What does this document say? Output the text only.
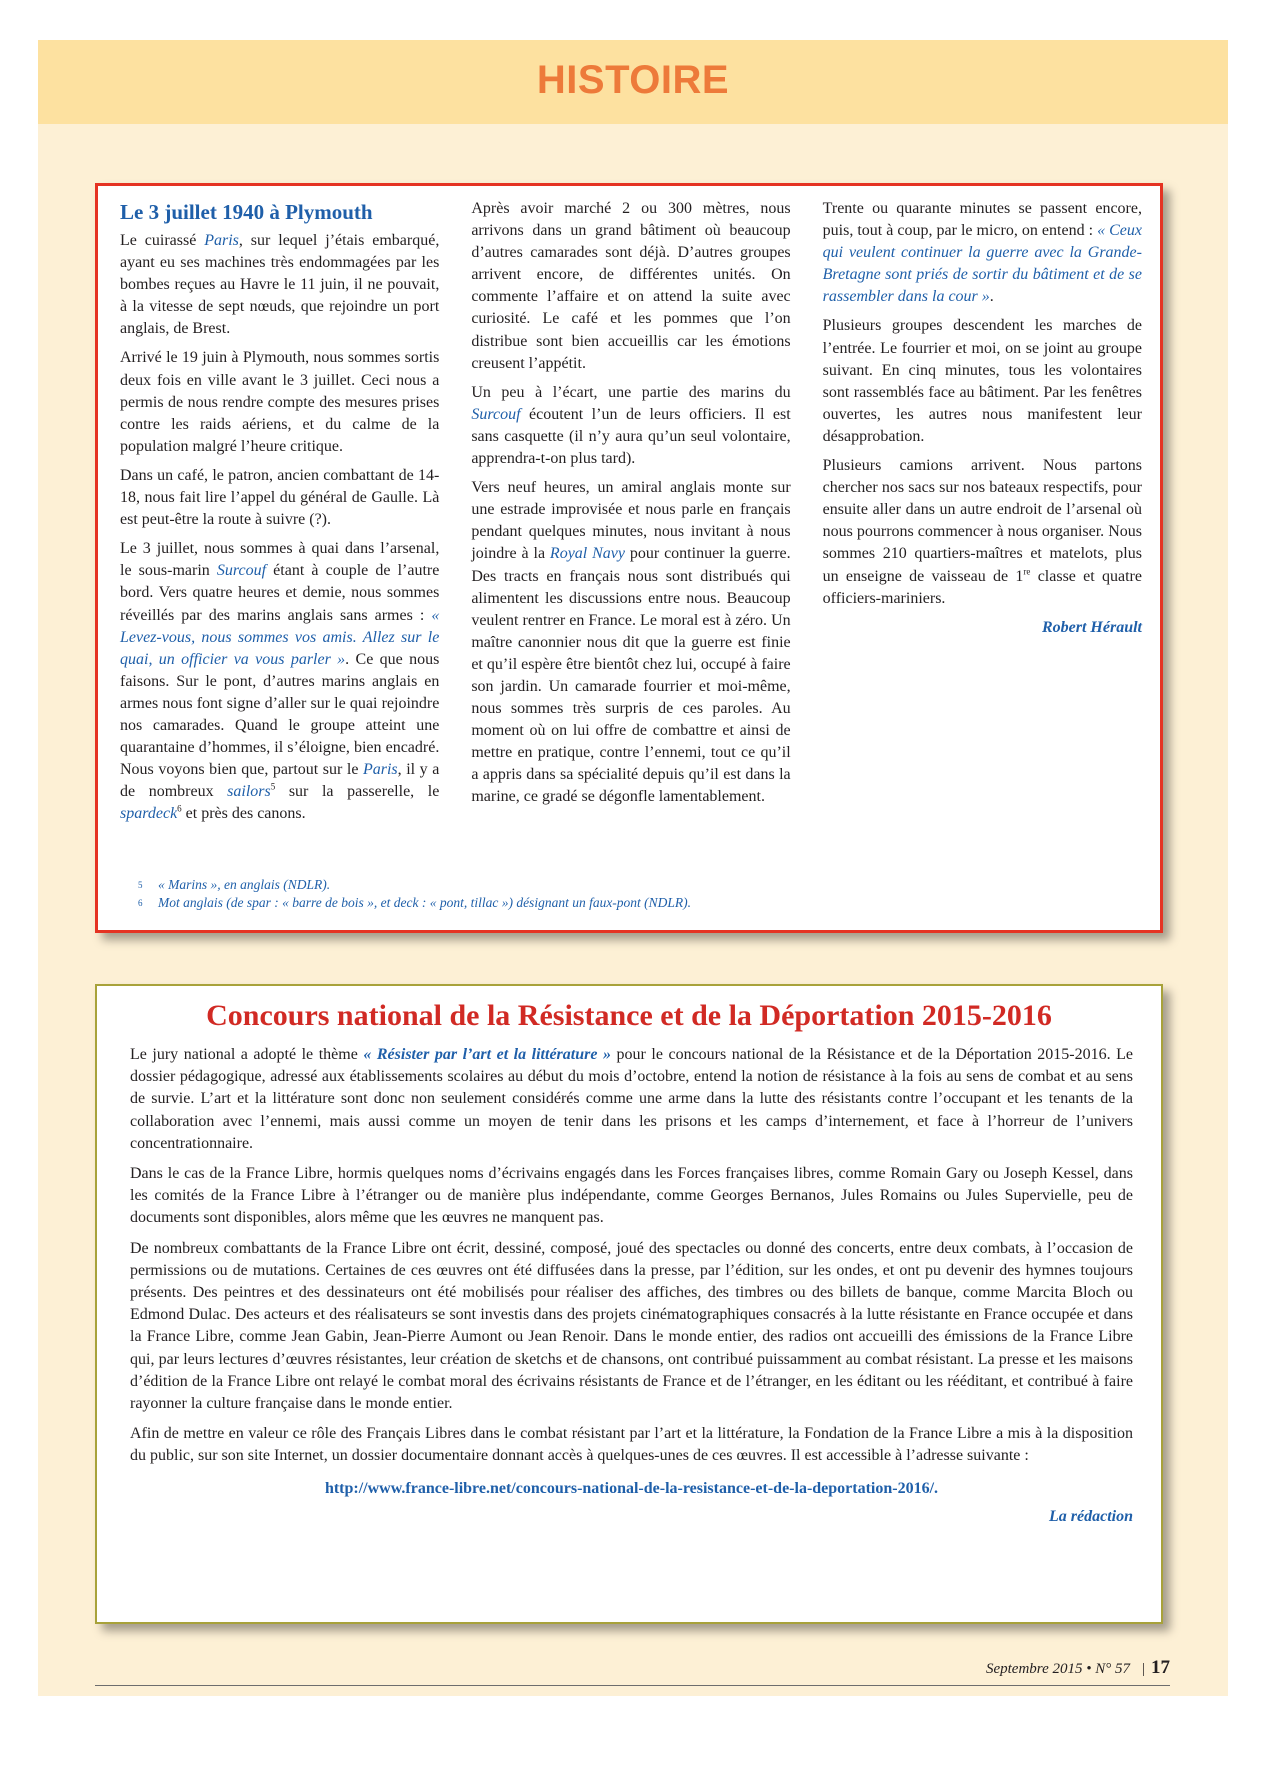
HISTOIRE
Le 3 juillet 1940 à Plymouth

Le cuirassé Paris, sur lequel j’étais embarqué, ayant eu ses machines très endommagées par les bombes reçues au Havre le 11 juin, il ne pouvait, à la vitesse de sept nœuds, que rejoindre un port anglais, de Brest.

Arrivé le 19 juin à Plymouth, nous sommes sortis deux fois en ville avant le 3 juillet. Ceci nous a permis de nous rendre compte des mesures prises contre les raids aériens, et du calme de la population malgré l’heure critique.

Dans un café, le patron, ancien combattant de 14-18, nous fait lire l’appel du général de Gaulle. Là est peut-être la route à suivre (?).

Le 3 juillet, nous sommes à quai dans l’arsenal, le sous-marin Surcouf étant à couple de l’autre bord. Vers quatre heures et demie, nous sommes réveillés par des marins anglais sans armes : « Levez-vous, nous sommes vos amis. Allez sur le quai, un officier va vous parler ». Ce que nous faisons. Sur le pont, d’autres marins anglais en armes nous font signe d’aller sur le quai rejoindre nos camarades. Quand le groupe atteint une quarantaine d’hommes, il s’éloigne, bien encadré. Nous voyons bien que, partout sur le Paris, il y a de nombreux sailors$^5$ sur la passerelle, le spardeck$^6$ et près des canons.

Après avoir marché 2 ou 300 mètres, nous arrivons dans un grand bâtiment où beaucoup d’autres camarades sont déjà. D’autres groupes arrivent encore, de différentes unités. On commente l’affaire et on attend la suite avec curiosité. Le café et les pommes que l’on distribue sont bien accueillis car les émotions creusent l’appétit.

Un peu à l’écart, une partie des marins du Surcouf écoutent l’un de leurs officiers. Il est sans casquette (il n’y aura qu’un seul volontaire, apprendra-t-on plus tard).

Vers neuf heures, un amiral anglais monte sur une estrade improvisée et nous parle en français pendant quelques minutes, nous invitant à nous joindre à la Royal Navy pour continuer la guerre. Des tracts en français nous sont distribués qui alimentent les discussions entre nous. Beaucoup veulent rentrer en France. Le moral est à zéro. Un maître canonnier nous dit que la guerre est finie et qu’il espère être bientôt chez lui, occupé à faire son jardin. Un camarade fourrier et moi-même, nous sommes très surpris de ces paroles. Au moment où on lui offre de combattre et ainsi de mettre en pratique, contre l’ennemi, tout ce qu’il a appris dans sa spécialité depuis qu’il est dans la marine, ce gradé se dégonfle lamentablement.

Trente ou quarante minutes se passent encore, puis, tout à coup, par le micro, on entend : « Ceux qui veulent continuer la guerre avec la Grande-Bretagne sont priés de sortir du bâtiment et de se rassembler dans la cour ».

Plusieurs groupes descendent les marches de l’entrée. Le fourrier et moi, on se joint au groupe suivant. En cinq minutes, tous les volontaires sont rassemblés face au bâtiment. Par les fenêtres ouvertes, les autres nous manifestent leur désapprobation.

Plusieurs camions arrivent. Nous partons chercher nos sacs sur nos bateaux respectifs, pour ensuite aller dans un autre endroit de l’arsenal où nous pourrons commencer à nous organiser. Nous sommes 210 quartiers-maîtres et matelots, plus un enseigne de vaisseau de 1re classe et quatre officiers-mariniers.

Robert Hérault
5 « Marins », en anglais (NDLR).
6 Mot anglais (de spar : « barre de bois », et deck : « pont, tillac ») désignant un faux-pont (NDLR).
Concours national de la Résistance et de la Déportation 2015-2016

Le jury national a adopté le thème « Résister par l’art et la littérature » pour le concours national de la Résistance et de la Déportation 2015-2016. Le dossier pédagogique, adressé aux établissements scolaires au début du mois d’octobre, entend la notion de résistance à la fois au sens de combat et au sens de survie. L’art et la littérature sont donc non seulement considérés comme une arme dans la lutte des résistants contre l’occupant et les tenants de la collaboration avec l’ennemi, mais aussi comme un moyen de tenir dans les prisons et les camps d’internement, et face à l’horreur de l’univers concentrationnaire.

Dans le cas de la France Libre, hormis quelques noms d’écrivains engagés dans les Forces françaises libres, comme Romain Gary ou Joseph Kessel, dans les comités de la France Libre à l’étranger ou de manière plus indépendante, comme Georges Bernanos, Jules Romains ou Jules Supervielle, peu de documents sont disponibles, alors même que les œuvres ne manquent pas.

De nombreux combattants de la France Libre ont écrit, dessiné, composé, joué des spectacles ou donné des concerts, entre deux combats, à l’occasion de permissions ou de mutations. Certaines de ces œuvres ont été diffusées dans la presse, par l’édition, sur les ondes, et ont pu devenir des hymnes toujours présents. Des peintres et des dessinateurs ont été mobilisés pour réaliser des affiches, des timbres ou des billets de banque, comme Marcita Bloch ou Edmond Dulac. Des acteurs et des réalisateurs se sont investis dans des projets cinématographiques consacrés à la lutte résistante en France occupée et dans la France Libre, comme Jean Gabin, Jean-Pierre Aumont ou Jean Renoir. Dans le monde entier, des radios ont accueilli des émissions de la France Libre qui, par leurs lectures d’œuvres résistantes, leur création de sketchs et de chansons, ont contribué puissamment au combat résistant. La presse et les maisons d’édition de la France Libre ont relayé le combat moral des écrivains résistants de France et de l’étranger, en les éditant ou les rééditant, et contribué à faire rayonner la culture française dans le monde entier.

Afin de mettre en valeur ce rôle des Français Libres dans le combat résistant par l’art et la littérature, la Fondation de la France Libre a mis à la disposition du public, sur son site Internet, un dossier documentaire donnant accès à quelques-unes de ces œuvres. Il est accessible à l’adresse suivante :

http://www.france-libre.net/concours-national-de-la-resistance-et-de-la-deportation-2016/.
La rédaction
Septembre 2015 • N° 57 | 17
